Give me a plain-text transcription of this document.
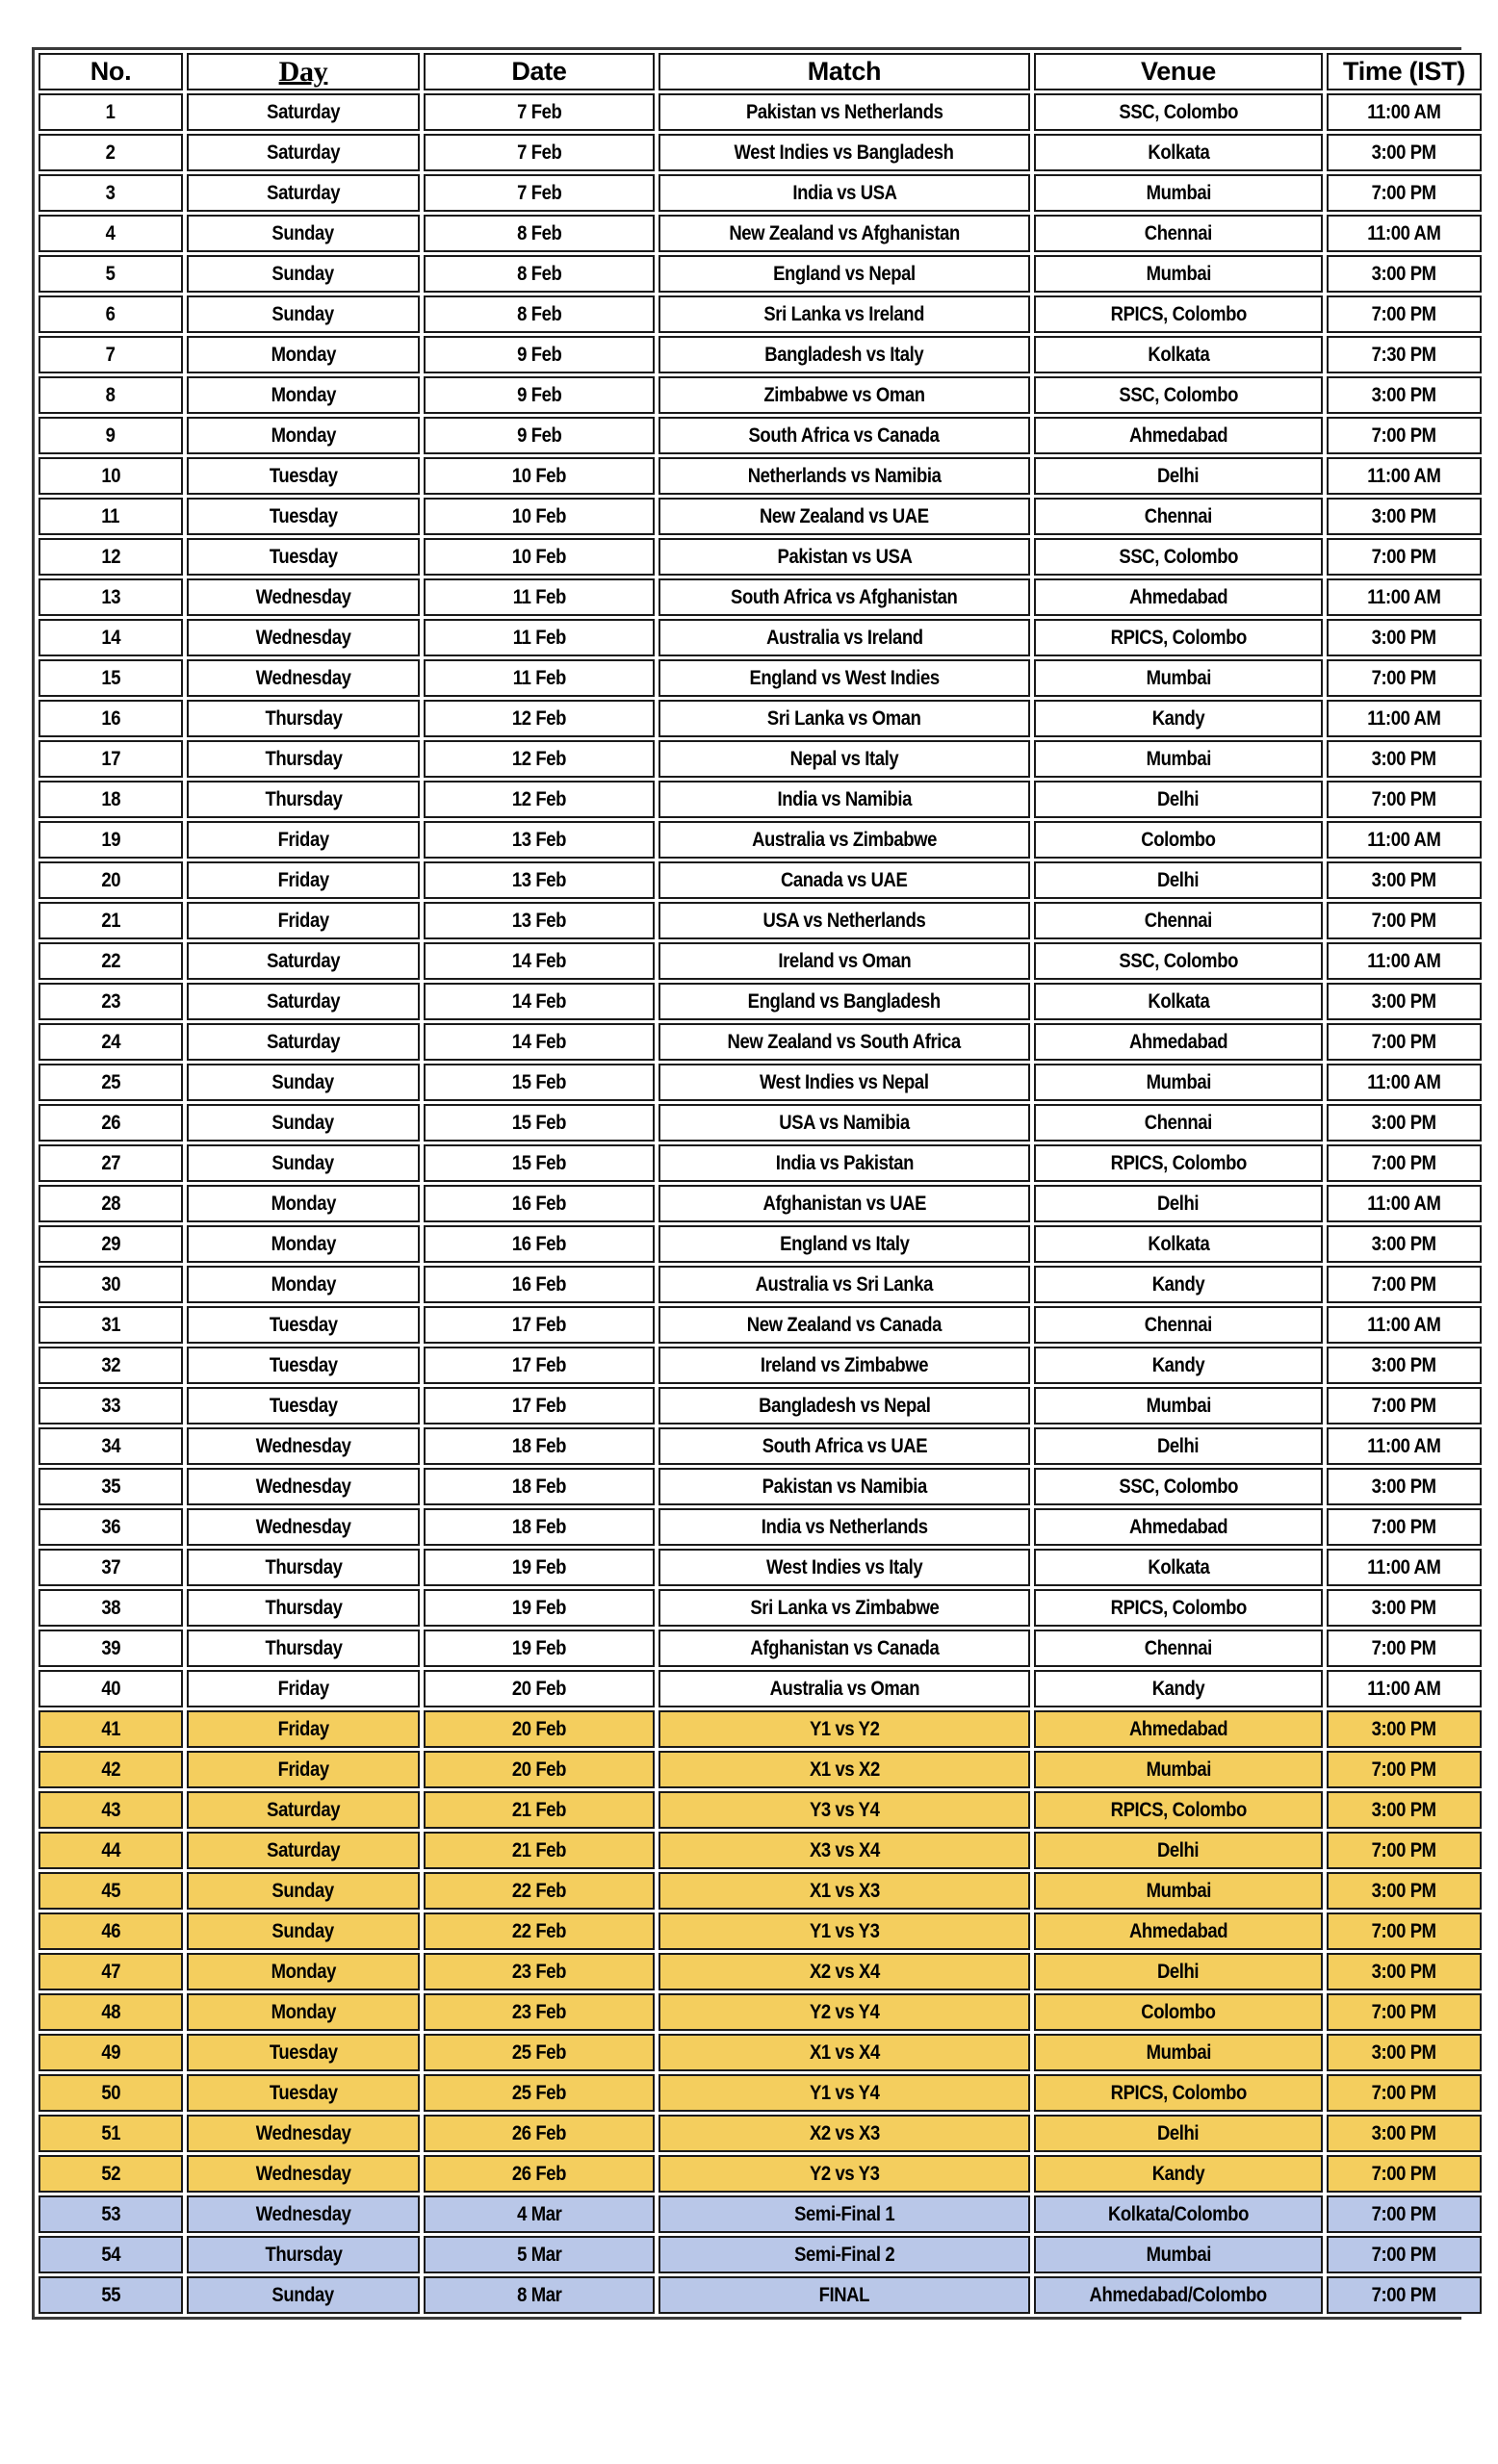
No.	Day	Date	Match	Venue	Time (IST)
1	Saturday	7 Feb	Pakistan vs Netherlands	SSC, Colombo	11:00 AM
2	Saturday	7 Feb	West Indies vs Bangladesh	Kolkata	3:00 PM
3	Saturday	7 Feb	India vs USA	Mumbai	7:00 PM
4	Sunday	8 Feb	New Zealand vs Afghanistan	Chennai	11:00 AM
5	Sunday	8 Feb	England vs Nepal	Mumbai	3:00 PM
6	Sunday	8 Feb	Sri Lanka vs Ireland	RPICS, Colombo	7:00 PM
7	Monday	9 Feb	Bangladesh vs Italy	Kolkata	7:30 PM
8	Monday	9 Feb	Zimbabwe vs Oman	SSC, Colombo	3:00 PM
9	Monday	9 Feb	South Africa vs Canada	Ahmedabad	7:00 PM
10	Tuesday	10 Feb	Netherlands vs Namibia	Delhi	11:00 AM
11	Tuesday	10 Feb	New Zealand vs UAE	Chennai	3:00 PM
12	Tuesday	10 Feb	Pakistan vs USA	SSC, Colombo	7:00 PM
13	Wednesday	11 Feb	South Africa vs Afghanistan	Ahmedabad	11:00 AM
14	Wednesday	11 Feb	Australia vs Ireland	RPICS, Colombo	3:00 PM
15	Wednesday	11 Feb	England vs West Indies	Mumbai	7:00 PM
16	Thursday	12 Feb	Sri Lanka vs Oman	Kandy	11:00 AM
17	Thursday	12 Feb	Nepal vs Italy	Mumbai	3:00 PM
18	Thursday	12 Feb	India vs Namibia	Delhi	7:00 PM
19	Friday	13 Feb	Australia vs Zimbabwe	Colombo	11:00 AM
20	Friday	13 Feb	Canada vs UAE	Delhi	3:00 PM
21	Friday	13 Feb	USA vs Netherlands	Chennai	7:00 PM
22	Saturday	14 Feb	Ireland vs Oman	SSC, Colombo	11:00 AM
23	Saturday	14 Feb	England vs Bangladesh	Kolkata	3:00 PM
24	Saturday	14 Feb	New Zealand vs South Africa	Ahmedabad	7:00 PM
25	Sunday	15 Feb	West Indies vs Nepal	Mumbai	11:00 AM
26	Sunday	15 Feb	USA vs Namibia	Chennai	3:00 PM
27	Sunday	15 Feb	India vs Pakistan	RPICS, Colombo	7:00 PM
28	Monday	16 Feb	Afghanistan vs UAE	Delhi	11:00 AM
29	Monday	16 Feb	England vs Italy	Kolkata	3:00 PM
30	Monday	16 Feb	Australia vs Sri Lanka	Kandy	7:00 PM
31	Tuesday	17 Feb	New Zealand vs Canada	Chennai	11:00 AM
32	Tuesday	17 Feb	Ireland vs Zimbabwe	Kandy	3:00 PM
33	Tuesday	17 Feb	Bangladesh vs Nepal	Mumbai	7:00 PM
34	Wednesday	18 Feb	South Africa vs UAE	Delhi	11:00 AM
35	Wednesday	18 Feb	Pakistan vs Namibia	SSC, Colombo	3:00 PM
36	Wednesday	18 Feb	India vs Netherlands	Ahmedabad	7:00 PM
37	Thursday	19 Feb	West Indies vs Italy	Kolkata	11:00 AM
38	Thursday	19 Feb	Sri Lanka vs Zimbabwe	RPICS, Colombo	3:00 PM
39	Thursday	19 Feb	Afghanistan vs Canada	Chennai	7:00 PM
40	Friday	20 Feb	Australia vs Oman	Kandy	11:00 AM
41	Friday	20 Feb	Y1 vs Y2	Ahmedabad	3:00 PM
42	Friday	20 Feb	X1 vs X2	Mumbai	7:00 PM
43	Saturday	21 Feb	Y3 vs Y4	RPICS, Colombo	3:00 PM
44	Saturday	21 Feb	X3 vs X4	Delhi	7:00 PM
45	Sunday	22 Feb	X1 vs X3	Mumbai	3:00 PM
46	Sunday	22 Feb	Y1 vs Y3	Ahmedabad	7:00 PM
47	Monday	23 Feb	X2 vs X4	Delhi	3:00 PM
48	Monday	23 Feb	Y2 vs Y4	Colombo	7:00 PM
49	Tuesday	25 Feb	X1 vs X4	Mumbai	3:00 PM
50	Tuesday	25 Feb	Y1 vs Y4	RPICS, Colombo	7:00 PM
51	Wednesday	26 Feb	X2 vs X3	Delhi	3:00 PM
52	Wednesday	26 Feb	Y2 vs Y3	Kandy	7:00 PM
53	Wednesday	4 Mar	Semi-Final 1	Kolkata/Colombo	7:00 PM
54	Thursday	5 Mar	Semi-Final 2	Mumbai	7:00 PM
55	Sunday	8 Mar	FINAL	Ahmedabad/Colombo	7:00 PM
